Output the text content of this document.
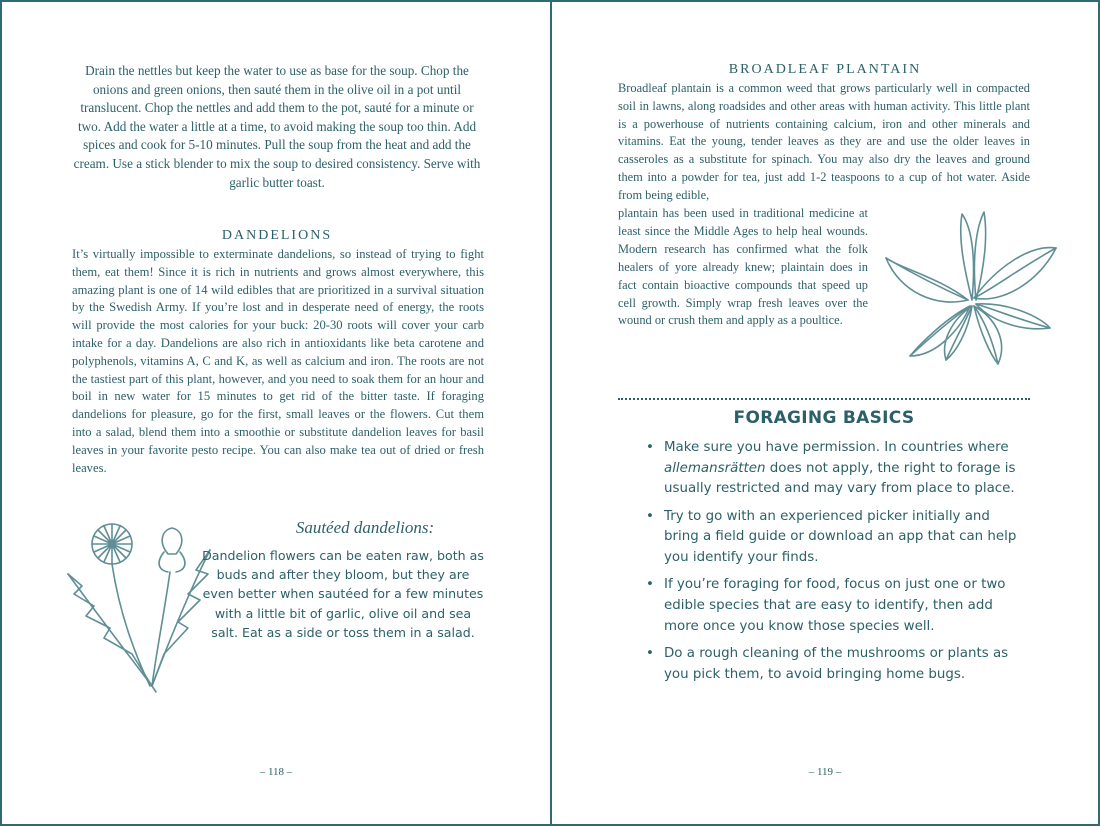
Drain the nettles but keep the water to use as base for the soup. Chop the onions and green onions, then sauté them in the olive oil in a pot until translucent. Chop the nettles and add them to the pot, sauté for a minute or two. Add the water a little at a time, to avoid making the soup too thin. Add spices and cook for 5-10 minutes. Pull the soup from the heat and add the cream. Use a stick blender to mix the soup to desired consistency. Serve with garlic butter toast.

DANDELIONS

It’s virtually impossible to exterminate dandelions, so instead of trying to fight them, eat them! Since it is rich in nutrients and grows almost everywhere, this amazing plant is one of 14 wild edibles that are prioritized in a survival situation by the Swedish Army. If you’re lost and in desperate need of energy, the roots will provide the most calories for your buck: 20-30 roots will cover your carb intake for a day. Dandelions are also rich in antioxidants like beta carotene and polyphenols, vitamins A, C and K, as well as calcium and iron. The roots are not the tastiest part of this plant, however, and you need to soak them for an hour and boil in new water for 15 minutes to get rid of the bitter taste. If foraging dandelions for pleasure, go for the first, small leaves or the flowers. Cut them into a salad, blend them into a smoothie or substitute dandelion leaves for basil leaves in your favorite pesto recipe. You can also make tea out of dried or fresh leaves.

Sautéed dandelions:

Dandelion flowers can be eaten raw, both as buds and after they bloom, but they are even better when sautéed for a few minutes with a little bit of garlic, olive oil and sea salt. Eat as a side or toss them in a salad.

– 118 –	– 119 –
BROADLEAF PLANTAIN

Broadleaf plantain is a common weed that grows particularly well in compacted soil in lawns, along roadsides and other areas with human activity. This little plant is a powerhouse of nutrients containing calcium, iron and other minerals and vitamins. Eat the young, tender leaves as they are and use the older leaves in casseroles as a substitute for spinach. You may also dry the leaves and ground them into a powder for tea, just add 1-2 teaspoons to a cup of hot water. Aside from being edible,

plantain has been used in traditional medicine at least since the Middle Ages to help heal wounds. Modern research has confirmed what the folk healers of yore already knew; plaintain does in fact contain bioactive compounds that speed up cell growth. Simply wrap fresh leaves over the wound or crush them and apply as a poultice.

FORAGING BASICS
• Make sure you have permission. In countries where allemansrätten does not apply, the right to forage is usually restricted and may vary from place to place.
• Try to go with an experienced picker initially and bring a field guide or download an app that can help you identify your finds.
• If you’re foraging for food, focus on just one or two edible species that are easy to identify, then add more once you know those species well.
• Do a rough cleaning of the mushrooms or plants as you pick them, to avoid bringing home bugs.
